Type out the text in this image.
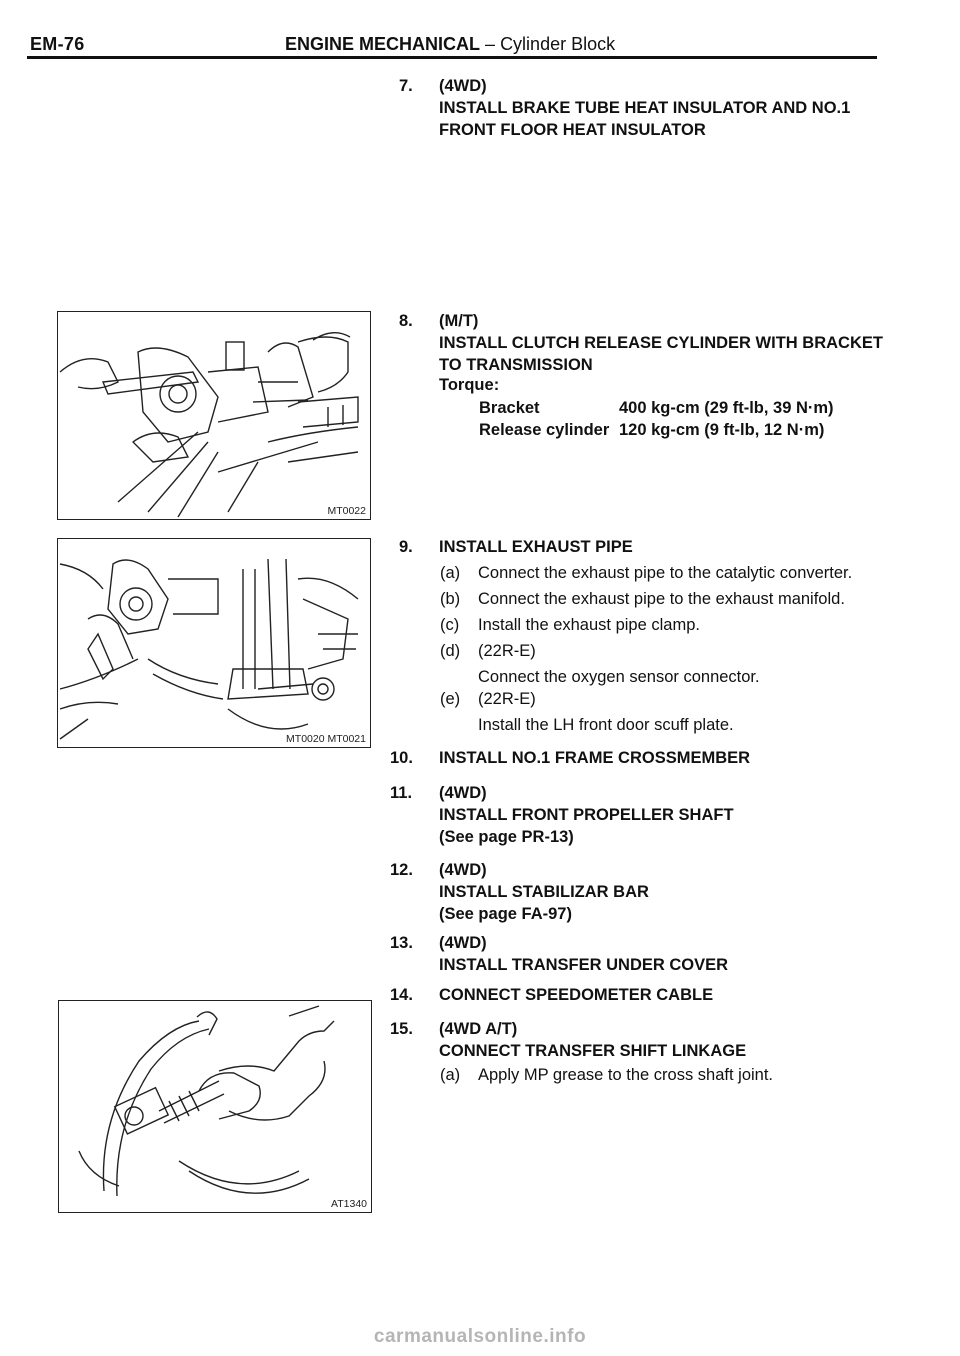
EM-76	ENGINE MECHANICAL – Cylinder Block
MT0022
MT0020 MT0021
AT1340
7. (4WD)
INSTALL BRAKE TUBE HEAT INSULATOR AND NO.1
FRONT FLOOR HEAT INSULATOR
8. (M/T)
INSTALL CLUTCH RELEASE CYLINDER WITH BRACKET
TO TRANSMISSION
Torque:
Bracket	400 kg-cm (29 ft-lb, 39 N·m)
Release cylinder 120 kg-cm (9 ft-lb, 12 N·m)
9. INSTALL EXHAUST PIPE
(a) Connect the exhaust pipe to the catalytic converter.
(b) Connect the exhaust pipe to the exhaust manifold.
(c) Install the exhaust pipe clamp.
(d) (22R-E)
Connect the oxygen sensor connector.
(e) (22R-E)
Install the LH front door scuff plate.
10. INSTALL NO.1 FRAME CROSSMEMBER
11. (4WD)
INSTALL FRONT PROPELLER SHAFT
(See page PR-13)
12. (4WD)
INSTALL STABILIZAR BAR
(See page FA-97)
13. (4WD)
INSTALL TRANSFER UNDER COVER
14. CONNECT SPEEDOMETER CABLE
15. (4WD A/T)
CONNECT TRANSFER SHIFT LINKAGE
(a) Apply MP grease to the cross shaft joint.
carmanualsonline.info
